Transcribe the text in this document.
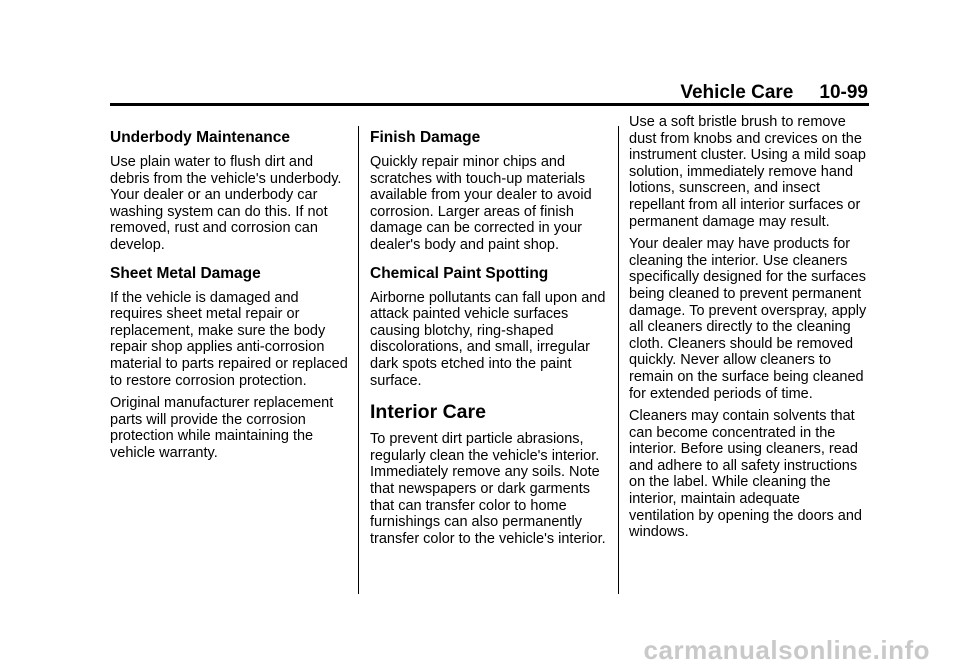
Vehicle Care 10-99
Underbody Maintenance

Use plain water to flush dirt and debris from the vehicle's underbody. Your dealer or an underbody car washing system can do this. If not removed, rust and corrosion can develop.

Sheet Metal Damage

If the vehicle is damaged and requires sheet metal repair or replacement, make sure the body repair shop applies anti-corrosion material to parts repaired or replaced to restore corrosion protection.

Original manufacturer replacement parts will provide the corrosion protection while maintaining the vehicle warranty.

Finish Damage

Quickly repair minor chips and scratches with touch-up materials available from your dealer to avoid corrosion. Larger areas of finish damage can be corrected in your dealer's body and paint shop.

Chemical Paint Spotting

Airborne pollutants can fall upon and attack painted vehicle surfaces causing blotchy, ring-shaped discolorations, and small, irregular dark spots etched into the paint surface.

Interior Care

To prevent dirt particle abrasions, regularly clean the vehicle's interior. Immediately remove any soils. Note that newspapers or dark garments that can transfer color to home furnishings can also permanently transfer color to the vehicle's interior.

Use a soft bristle brush to remove dust from knobs and crevices on the instrument cluster. Using a mild soap solution, immediately remove hand lotions, sunscreen, and insect repellant from all interior surfaces or permanent damage may result.

Your dealer may have products for cleaning the interior. Use cleaners specifically designed for the surfaces being cleaned to prevent permanent damage. To prevent overspray, apply all cleaners directly to the cleaning cloth. Cleaners should be removed quickly. Never allow cleaners to remain on the surface being cleaned for extended periods of time.

Cleaners may contain solvents that can become concentrated in the interior. Before using cleaners, read and adhere to all safety instructions on the label. While cleaning the interior, maintain adequate ventilation by opening the doors and windows.

carmanualsonline.info
